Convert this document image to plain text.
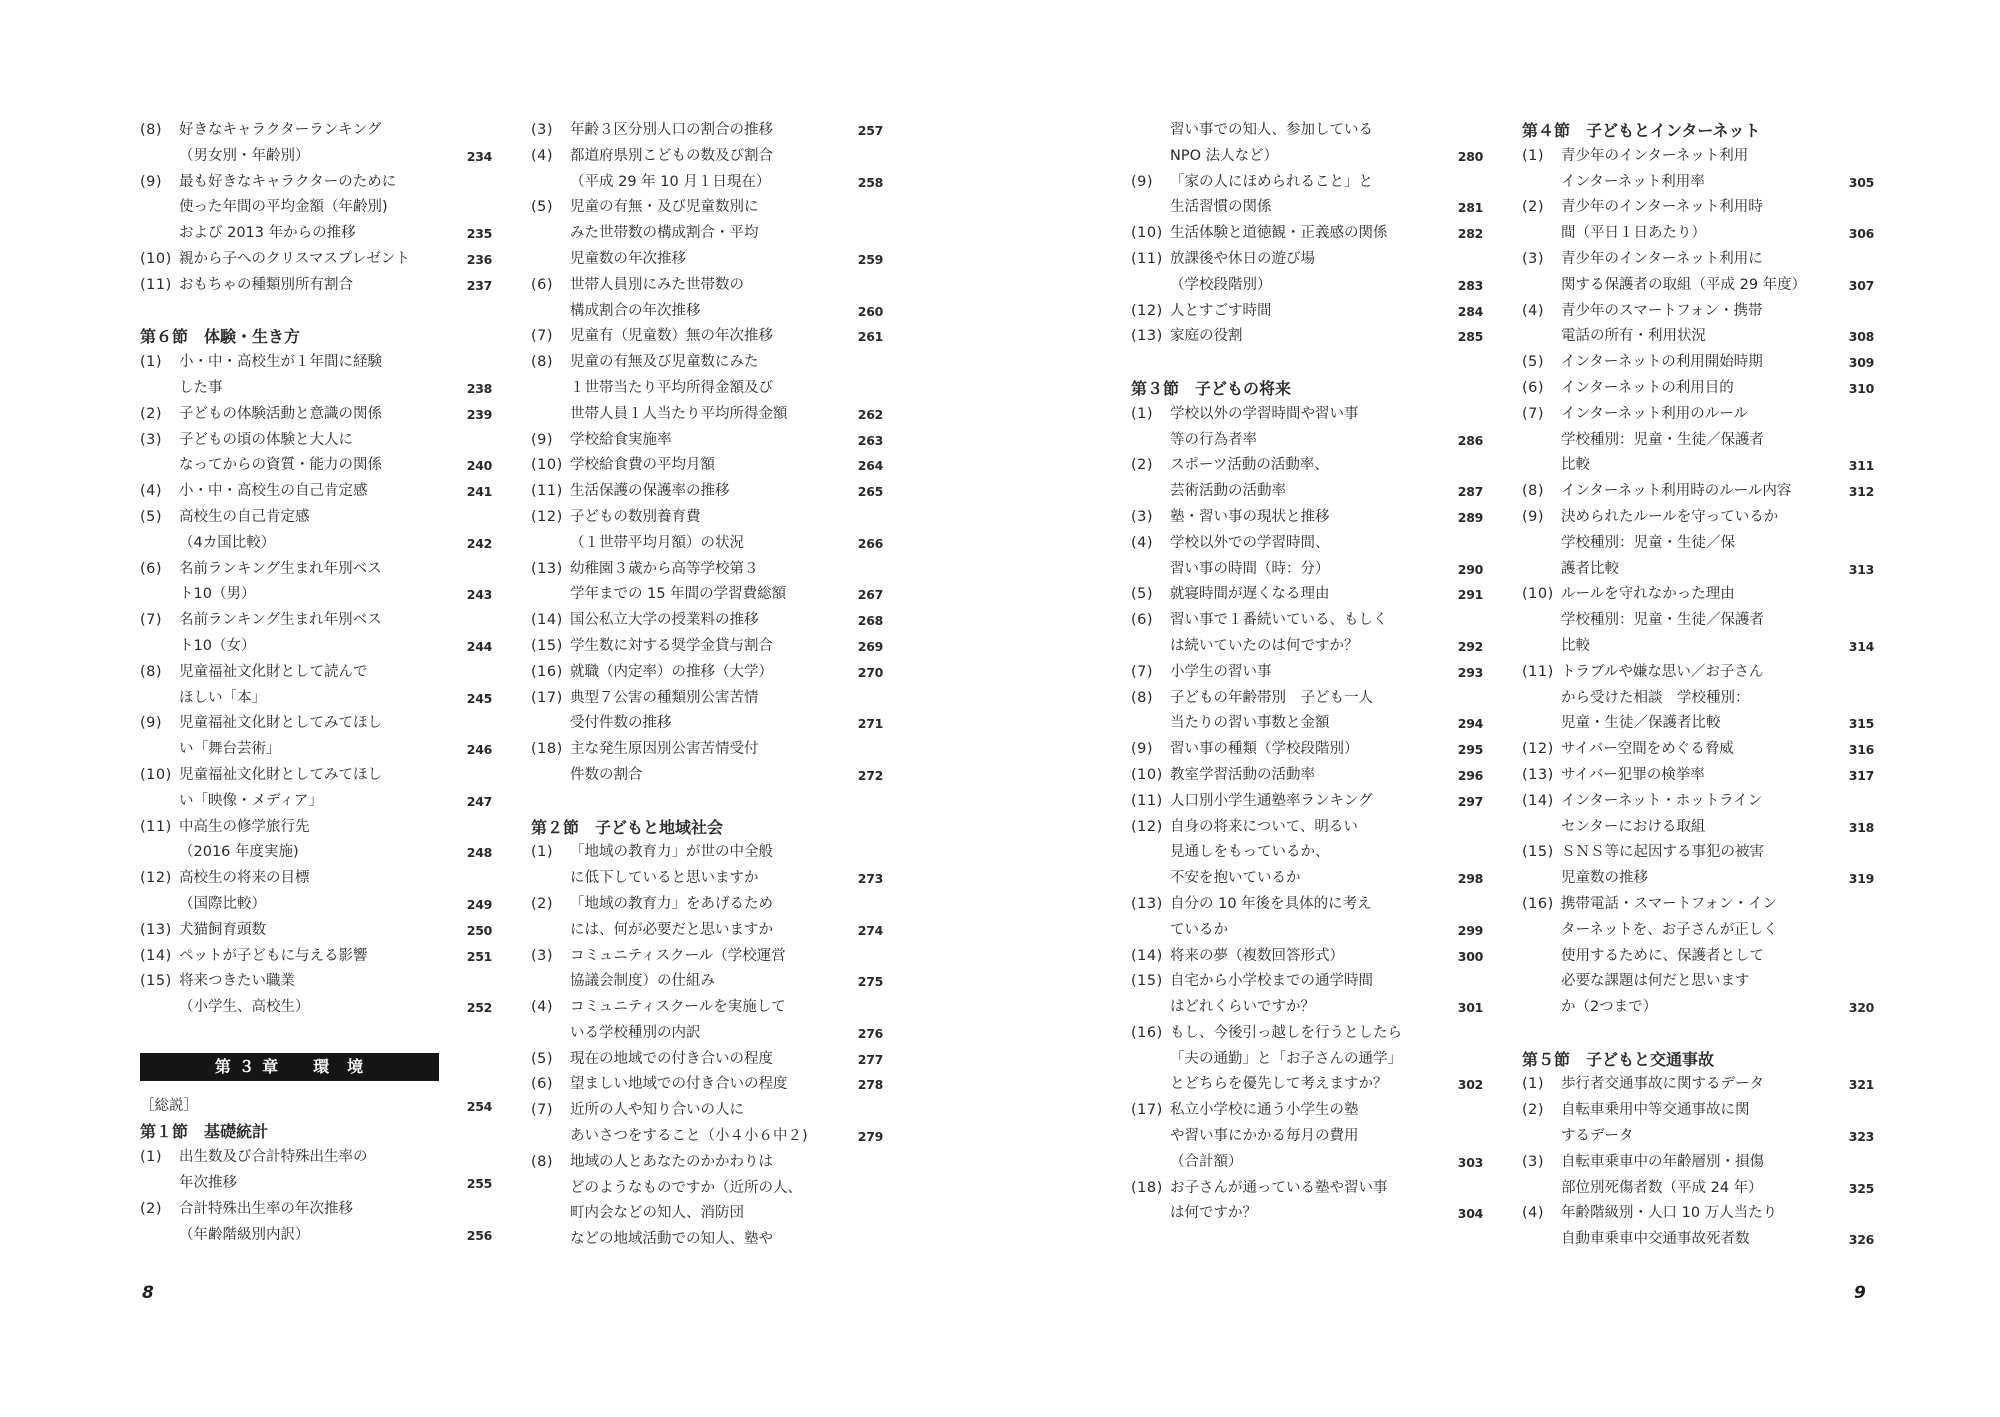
(8) 好きなキャラクターランキング
（男女別・年齢別）	234
(9) 最も好きなキャラクターのために
使った年間の平均金額（年齢別)
および 2013 年からの推移	235
(10) 親から子へのクリスマスプレゼント	236
(11) おもちゃの種類別所有割合	237
第６節　体験・生き方
(1) 小・中・高校生が１年間に経験
した事	238
(2) 子どもの体験活動と意識の関係	239
(3) 子どもの頃の体験と大人に
なってからの資質・能力の関係	240
(4) 小・中・高校生の自己肯定感	241
(5) 高校生の自己肯定感
（4カ国比較）	242
(6) 名前ランキング生まれ年別ベス
ト10（男）	243
(7) 名前ランキング生まれ年別ベス
ト10（女）	244
(8) 児童福祉文化財として読んで
ほしい「本」	245
(9) 児童福祉文化財としてみてほし
い「舞台芸術」	246
(10) 児童福祉文化財としてみてほし
い「映像・メディア」	247
(11) 中高生の修学旅行先
（2016 年度実施)	248
(12) 高校生の将来の目標
（国際比較）	249
(13) 犬猫飼育頭数	250
(14) ペットが子どもに与える影響	251
(15) 将来つきたい職業
（小学生、高校生）	252
第 ３ 章　　環　境
［総説］	254
第１節　基礎統計
(1) 出生数及び合計特殊出生率の
年次推移	255
(2) 合計特殊出生率の年次推移
（年齢階級別内訳）	256
(3) 年齢３区分別人口の割合の推移	257
(4) 都道府県別こどもの数及び割合
（平成 29 年 10 月１日現在）	258
(5) 児童の有無・及び児童数別に
みた世帯数の構成割合・平均
児童数の年次推移	259
(6) 世帯人員別にみた世帯数の
構成割合の年次推移	260
(7) 児童有（児童数）無の年次推移	261
(8) 児童の有無及び児童数にみた
１世帯当たり平均所得金額及び
世帯人員１人当たり平均所得金額	262
(9) 学校給食実施率	263
(10) 学校給食費の平均月額	264
(11) 生活保護の保護率の推移	265
(12) 子どもの数別養育費
（１世帯平均月額）の状況	266
(13) 幼稚園３歳から高等学校第３
学年までの 15 年間の学習費総額	267
(14) 国公私立大学の授業料の推移	268
(15) 学生数に対する奨学金貸与割合	269
(16) 就職（内定率）の推移（大学）	270
(17) 典型７公害の種類別公害苦情
受付件数の推移	271
(18) 主な発生原因別公害苦情受付
件数の割合	272
第２節　子どもと地域社会
(1) 「地域の教育力」が世の中全般
に低下していると思いますか	273
(2) 「地域の教育力」をあげるため
には、何が必要だと思いますか	274
(3) コミュニティスクール（学校運営
協議会制度）の仕組み	275
(4) コミュニティスクールを実施して
いる学校種別の内訳	276
(5) 現在の地域での付き合いの程度	277
(6) 望ましい地域での付き合いの程度	278
(7) 近所の人や知り合いの人に
あいさつをすること（小４小６中２)	279
(8) 地域の人とあなたのかかわりは
どのようなものですか（近所の人、
町内会などの知人、消防団
などの地域活動での知人、塾や
習い事での知人、参加している
NPO 法人など）	280
(9) 「家の人にほめられること」と
生活習慣の関係	281
(10) 生活体験と道徳観・正義感の関係	282
(11) 放課後や休日の遊び場
（学校段階別）	283
(12) 人とすごす時間	284
(13) 家庭の役割	285
第３節　子どもの将来
(1) 学校以外の学習時間や習い事
等の行為者率	286
(2) スポーツ活動の活動率、
芸術活動の活動率	287
(3) 塾・習い事の現状と推移	289
(4) 学校以外での学習時間、
習い事の時間（時：分）	290
(5) 就寝時間が遅くなる理由	291
(6) 習い事で１番続いている、もしく
は続いていたのは何ですか？	292
(7) 小学生の習い事	293
(8) 子どもの年齢帯別　子ども一人
当たりの習い事数と金額	294
(9) 習い事の種類（学校段階別）	295
(10) 教室学習活動の活動率	296
(11) 人口別小学生通塾率ランキング	297
(12) 自身の将来について、明るい
見通しをもっているか、
不安を抱いているか	298
(13) 自分の 10 年後を具体的に考え
ているか	299
(14) 将来の夢（複数回答形式）	300
(15) 自宅から小学校までの通学時間
はどれくらいですか？	301
(16) もし、今後引っ越しを行うとしたら
「夫の通勤」と「お子さんの通学」
とどちらを優先して考えますか？	302
(17) 私立小学校に通う小学生の塾
や習い事にかかる毎月の費用
（合計額）	303
(18) お子さんが通っている塾や習い事
は何ですか？	304
第４節　子どもとインターネット
(1) 青少年のインターネット利用
インターネット利用率	305
(2) 青少年のインターネット利用時
間（平日１日あたり）	306
(3) 青少年のインターネット利用に
関する保護者の取組（平成 29 年度）	307
(4) 青少年のスマートフォン・携帯
電話の所有・利用状況	308
(5) インターネットの利用開始時期	309
(6) インターネットの利用目的	310
(7) インターネット利用のルール
学校種別：児童・生徒／保護者
比較	311
(8) インターネット利用時のルール内容	312
(9) 決められたルールを守っているか
学校種別：児童・生徒／保
護者比較	313
(10) ルールを守れなかった理由
学校種別：児童・生徒／保護者
比較	314
(11) トラブルや嫌な思い／お子さん
から受けた相談　学校種別：
児童・生徒／保護者比較	315
(12) サイバー空間をめぐる脅威	316
(13) サイバー犯罪の検挙率	317
(14) インターネット・ホットライン
センターにおける取組	318
(15) ＳＮＳ等に起因する事犯の被害
児童数の推移	319
(16) 携帯電話・スマートフォン・イン
ターネットを、お子さんが正しく
使用するために、保護者として
必要な課題は何だと思います
か（2つまで）	320
第５節　子どもと交通事故
(1) 歩行者交通事故に関するデータ	321
(2) 自転車乗用中等交通事故に関
するデータ	323
(3) 自転車乗車中の年齢層別・損傷
部位別死傷者数（平成 24 年）	325
(4) 年齢階級別・人口 10 万人当たり
自動車乗車中交通事故死者数	326
8	9
